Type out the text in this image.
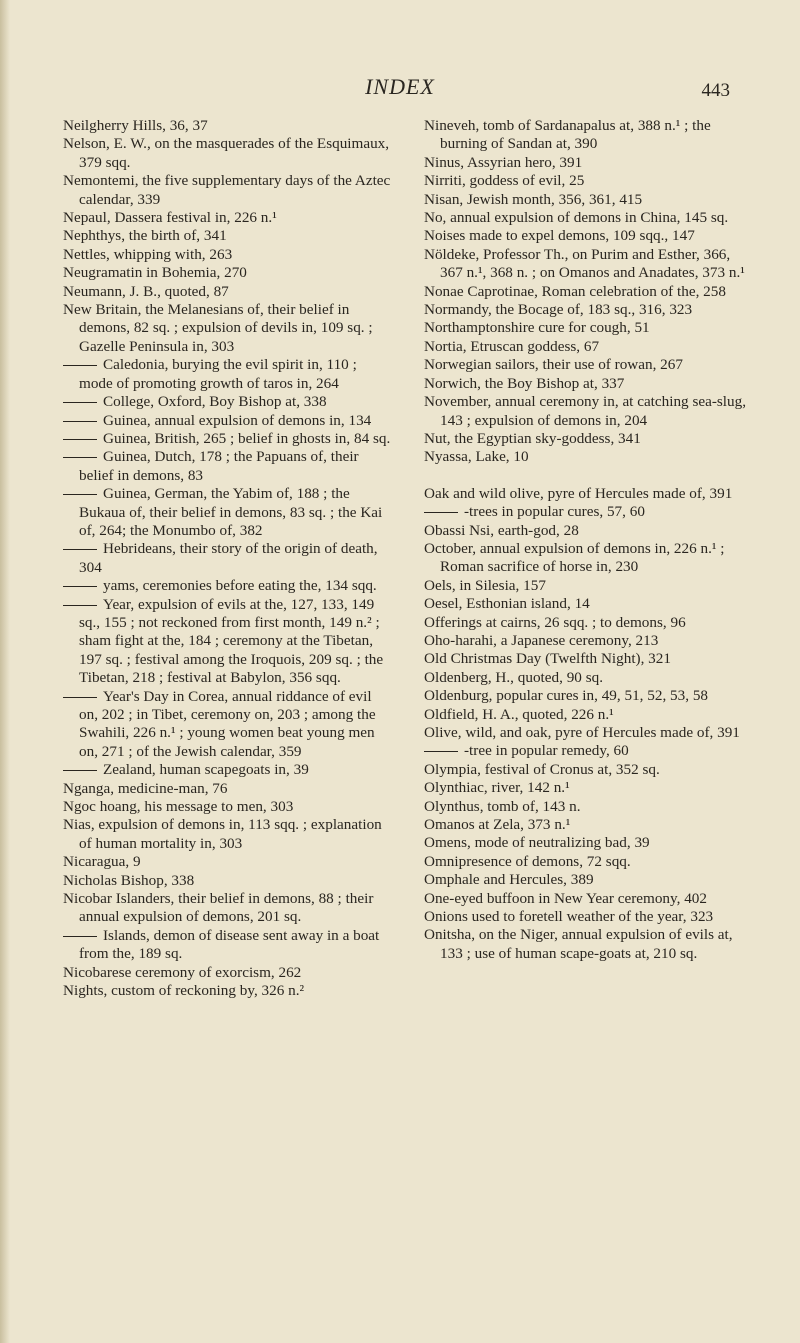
INDEX	443
Neilgherry Hills, 36, 37
Nelson, E. W., on the masquerades of the Esquimaux, 379 sqq.
Nemontemi, the five supplementary days of the Aztec calendar, 339
Nepaul, Dassera festival in, 226 n.¹
Nephthys, the birth of, 341
Nettles, whipping with, 263
Neugramatin in Bohemia, 270
Neumann, J. B., quoted, 87
New Britain, the Melanesians of, their belief in demons, 82 sq. ; expulsion of devils in, 109 sq. ; Gazelle Peninsula in, 303
Caledonia, burying the evil spirit in, 110 ; mode of promoting growth of taros in, 264
College, Oxford, Boy Bishop at, 338
Guinea, annual expulsion of demons in, 134
Guinea, British, 265 ; belief in ghosts in, 84 sq.
Guinea, Dutch, 178 ; the Papuans of, their belief in demons, 83
Guinea, German, the Yabim of, 188 ; the Bukaua of, their belief in demons, 83 sq. ; the Kai of, 264; the Monumbo of, 382
Hebrideans, their story of the origin of death, 304
yams, ceremonies before eating the, 134 sqq.
Year, expulsion of evils at the, 127, 133, 149 sq., 155 ; not reckoned from first month, 149 n.² ; sham fight at the, 184 ; ceremony at the Tibetan, 197 sq. ; festival among the Iroquois, 209 sq. ; the Tibetan, 218 ; festival at Babylon, 356 sqq.
Year's Day in Corea, annual riddance of evil on, 202 ; in Tibet, ceremony on, 203 ; among the Swahili, 226 n.¹ ; young women beat young men on, 271 ; of the Jewish calendar, 359
Zealand, human scapegoats in, 39
Nganga, medicine-man, 76
Ngoc hoang, his message to men, 303
Nias, expulsion of demons in, 113 sqq. ; explanation of human mortality in, 303
Nicaragua, 9
Nicholas Bishop, 338
Nicobar Islanders, their belief in demons, 88 ; their annual expulsion of demons, 201 sq.
Islands, demon of disease sent away in a boat from the, 189 sq.
Nicobarese ceremony of exorcism, 262
Nights, custom of reckoning by, 326 n.²
Nineveh, tomb of Sardanapalus at, 388 n.¹ ; the burning of Sandan at, 390
Ninus, Assyrian hero, 391
Nirriti, goddess of evil, 25
Nisan, Jewish month, 356, 361, 415
No, annual expulsion of demons in China, 145 sq.
Noises made to expel demons, 109 sqq., 147
Nöldeke, Professor Th., on Purim and Esther, 366, 367 n.¹, 368 n. ; on Omanos and Anadates, 373 n.¹
Nonae Caprotinae, Roman celebration of the, 258
Normandy, the Bocage of, 183 sq., 316, 323
Northamptonshire cure for cough, 51
Nortia, Etruscan goddess, 67
Norwegian sailors, their use of rowan, 267
Norwich, the Boy Bishop at, 337
November, annual ceremony in, at catching sea-slug, 143 ; expulsion of demons in, 204
Nut, the Egyptian sky-goddess, 341
Nyassa, Lake, 10
Oak and wild olive, pyre of Hercules made of, 391
-trees in popular cures, 57, 60
Obassi Nsi, earth-god, 28
October, annual expulsion of demons in, 226 n.¹ ; Roman sacrifice of horse in, 230
Oels, in Silesia, 157
Oesel, Esthonian island, 14
Offerings at cairns, 26 sqq. ; to demons, 96
Oho-harahi, a Japanese ceremony, 213
Old Christmas Day (Twelfth Night), 321
Oldenberg, H., quoted, 90 sq.
Oldenburg, popular cures in, 49, 51, 52, 53, 58
Oldfield, H. A., quoted, 226 n.¹
Olive, wild, and oak, pyre of Hercules made of, 391
-tree in popular remedy, 60
Olympia, festival of Cronus at, 352 sq.
Olynthiac, river, 142 n.¹
Olynthus, tomb of, 143 n.
Omanos at Zela, 373 n.¹
Omens, mode of neutralizing bad, 39
Omnipresence of demons, 72 sqq.
Omphale and Hercules, 389
One-eyed buffoon in New Year ceremony, 402
Onions used to foretell weather of the year, 323
Onitsha, on the Niger, annual expulsion of evils at, 133 ; use of human scape-goats at, 210 sq.
